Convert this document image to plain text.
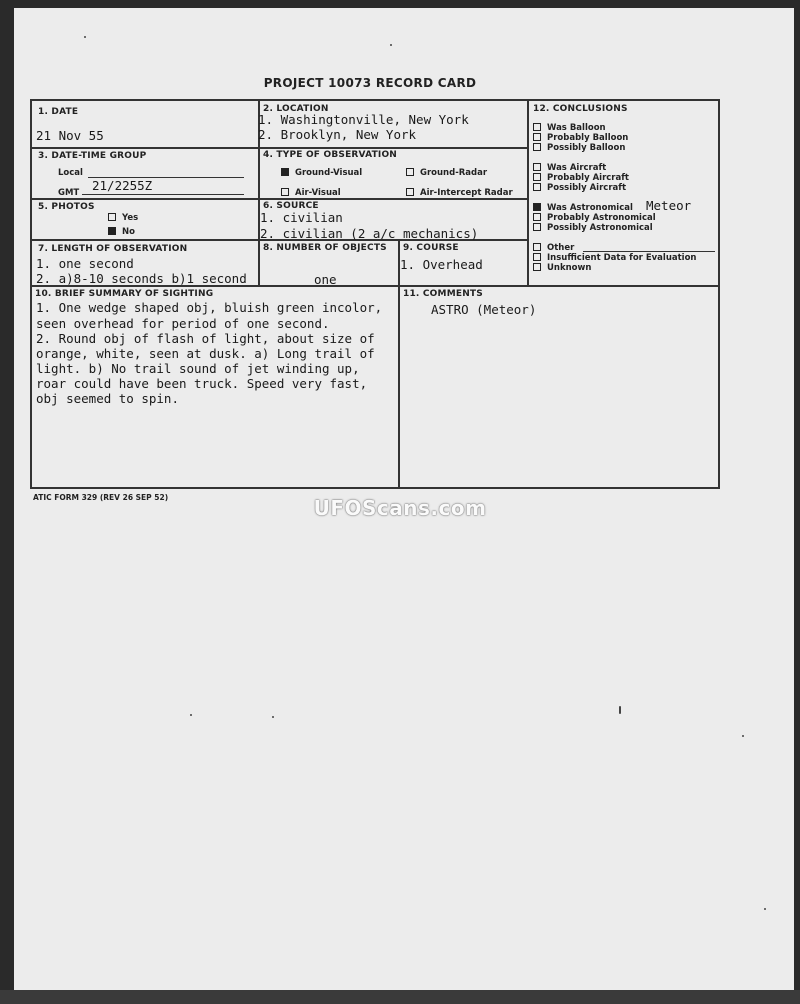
PROJECT 10073 RECORD CARD
1. DATE
21 Nov 55
2. LOCATION
1. Washingtonville, New York
2. Brooklyn, New York
3. DATE-TIME GROUP
Local
GMT 21/2255Z
4. TYPE OF OBSERVATION
Ground-Visual	Ground-Radar
Air-Visual	Air-Intercept Radar
5. PHOTOS
Yes
No
6. SOURCE
1. civilian
2. civilian (2 a/c mechanics)
7. LENGTH OF OBSERVATION
1. one second
2. a)8-10 seconds b)1 second
8. NUMBER OF OBJECTS
one
9. COURSE
1. Overhead
12. CONCLUSIONS
Was Balloon
Probably Balloon
Possibly Balloon
Was Aircraft
Probably Aircraft
Possibly Aircraft
Was Astronomical Meteor
Probably Astronomical
Possibly Astronomical
Other
Insufficient Data for Evaluation
Unknown
10. BRIEF SUMMARY OF SIGHTING
1. One wedge shaped obj, bluish green incolor,
seen overhead for period of one second.
2. Round obj of flash of light, about size of
orange, white, seen at dusk. a) Long trail of
light. b) No trail sound of jet winding up,
roar could have been truck. Speed very fast,
obj seemed to spin.
11. COMMENTS
ASTRO (Meteor)
ATIC FORM 329 (REV 26 SEP 52)	UFOScans.com
